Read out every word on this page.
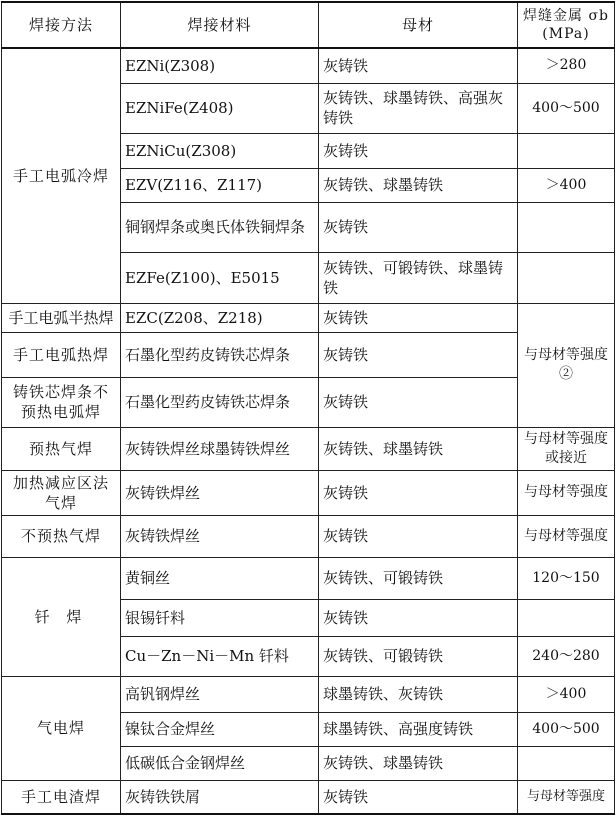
焊接方法	焊接材料	母材	焊缝金属 σb (MPa)
手工电弧冷焊	EZNi(Z308)	灰铸铁	＞280
	EZNiFe(Z408)	灰铸铁、球墨铸铁、高强灰铸铁	400～500
	EZNiCu(Z308)	灰铸铁	
	EZV(Z116、Z117)	灰铸铁、球墨铸铁	＞400
	铜钢焊条或奥氏体铁铜焊条	灰铸铁	
	EZFe(Z100)、E5015	灰铸铁、可锻铸铁、球墨铸铁	
手工电弧半热焊	EZC(Z208、Z218)	灰铸铁	与母材等强度②
手工电弧热焊	石墨化型药皮铸铁芯焊条	灰铸铁	
铸铁芯焊条不预热电弧焊	石墨化型药皮铸铁芯焊条	灰铸铁	
预热气焊	灰铸铁焊丝球墨铸铁焊丝	灰铸铁、球墨铸铁	与母材等强度或接近
加热减应区法气焊	灰铸铁焊丝	灰铸铁	与母材等强度
不预热气焊	灰铸铁焊丝	灰铸铁	与母材等强度
钎 焊	黄铜丝	灰铸铁、可锻铸铁	120～150
	银锡钎料	灰铸铁	
	Cu－Zn－Ni－Mn 钎料	灰铸铁、可锻铸铁	240～280
气电焊	高钒钢焊丝	球墨铸铁、灰铸铁	＞400
	镍钛合金焊丝	球墨铸铁、高强度铸铁	400～500
	低碳低合金钢焊丝	灰铸铁、球墨铸铁	
手工电渣焊	灰铸铁铁屑	灰铸铁	与母材等强度
